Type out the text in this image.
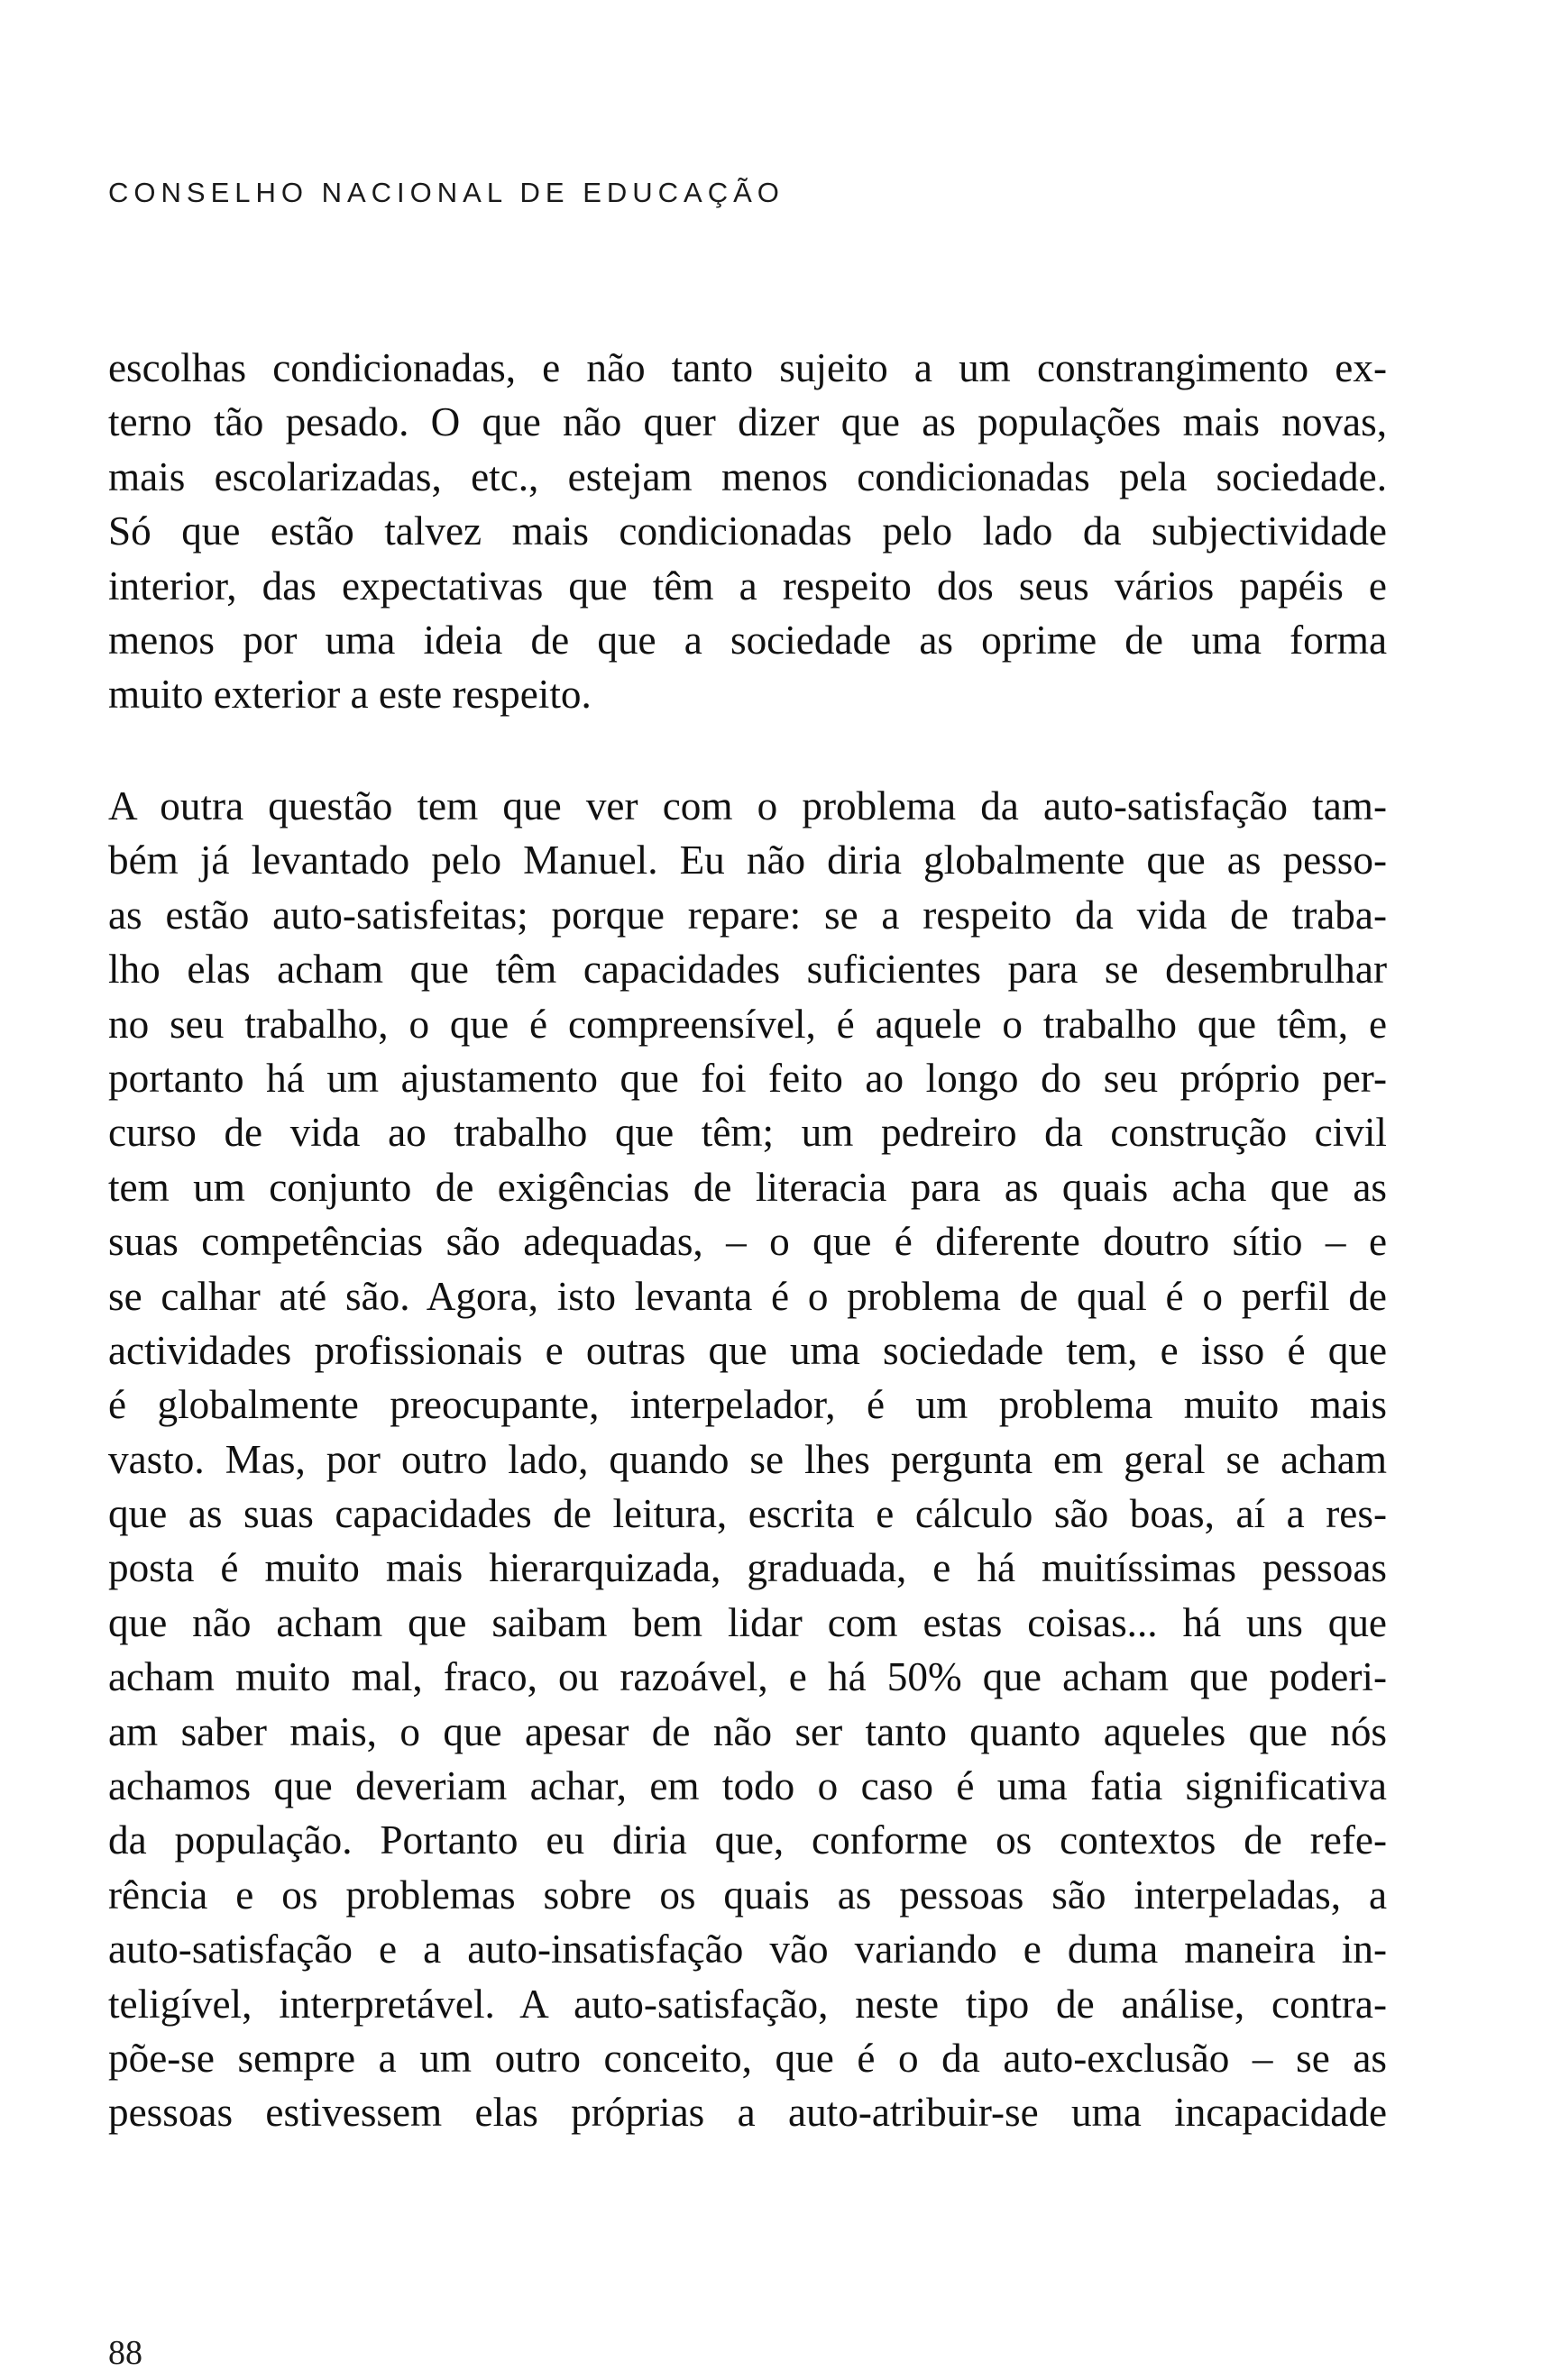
CONSELHO NACIONAL DE EDUCAÇÃO
escolhas condicionadas, e não tanto sujeito a um constrangimento ex-
terno tão pesado. O que não quer dizer que as populações mais novas,
mais escolarizadas, etc., estejam menos condicionadas pela sociedade.
Só que estão talvez mais condicionadas pelo lado da subjectividade
interior, das expectativas que têm a respeito dos seus vários papéis e
menos por uma ideia de que a sociedade as oprime de uma forma
muito exterior a este respeito.
A outra questão tem que ver com o problema da auto-satisfação tam-
bém já levantado pelo Manuel. Eu não diria globalmente que as pesso-
as estão auto-satisfeitas; porque repare: se a respeito da vida de traba-
lho elas acham que têm capacidades suficientes para se desembrulhar
no seu trabalho, o que é compreensível, é aquele o trabalho que têm, e
portanto há um ajustamento que foi feito ao longo do seu próprio per-
curso de vida ao trabalho que têm; um pedreiro da construção civil
tem um conjunto de exigências de literacia para as quais acha que as
suas competências são adequadas, – o que é diferente doutro sítio – e
se calhar até são. Agora, isto levanta é o problema de qual é o perfil de
actividades profissionais e outras que uma sociedade tem, e isso é que
é globalmente preocupante, interpelador, é um problema muito mais
vasto. Mas, por outro lado, quando se lhes pergunta em geral se acham
que as suas capacidades de leitura, escrita e cálculo são boas, aí a res-
posta é muito mais hierarquizada, graduada, e há muitíssimas pessoas
que não acham que saibam bem lidar com estas coisas... há uns que
acham muito mal, fraco, ou razoável, e há 50% que acham que poderi-
am saber mais, o que apesar de não ser tanto quanto aqueles que nós
achamos que deveriam achar, em todo o caso é uma fatia significativa
da população. Portanto eu diria que, conforme os contextos de refe-
rência e os problemas sobre os quais as pessoas são interpeladas, a
auto-satisfação e a auto-insatisfação vão variando e duma maneira in-
teligível, interpretável. A auto-satisfação, neste tipo de análise, contra-
põe-se sempre a um outro conceito, que é o da auto-exclusão – se as
pessoas estivessem elas próprias a auto-atribuir-se uma incapacidade
88
